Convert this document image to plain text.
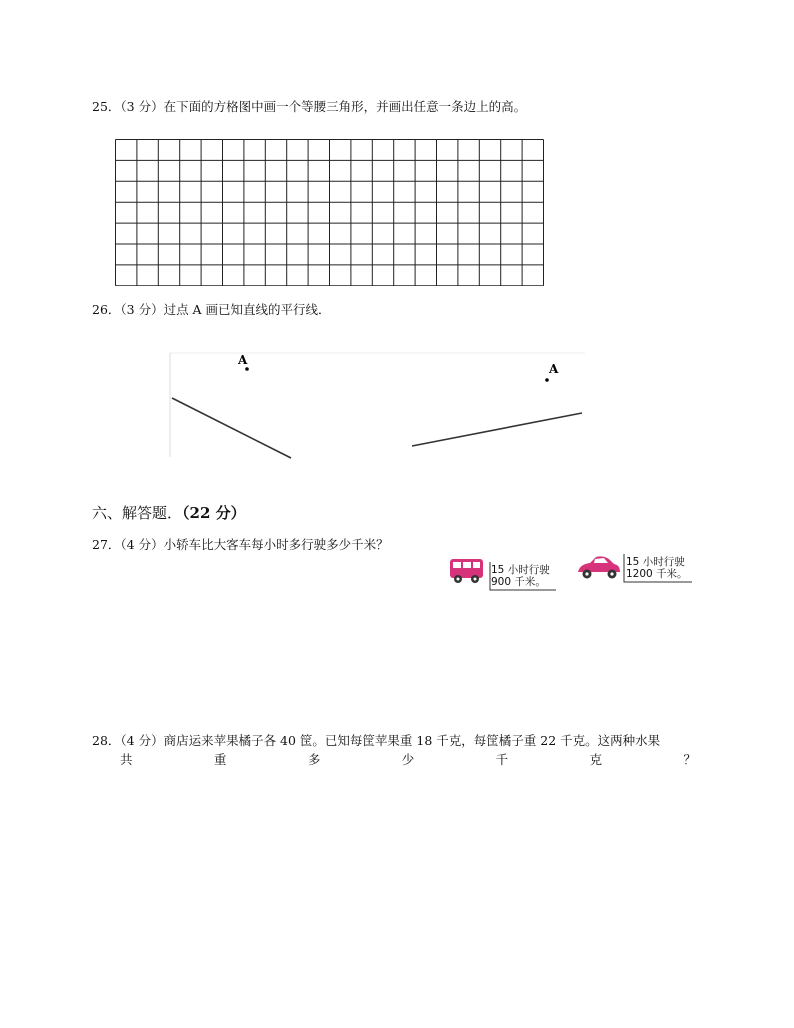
25．（3 分）在下面的方格图中画一个等腰三角形，并画出任意一条边上的高。
26．（3 分）过点 A 画已知直线的平行线．
A
A
六、解答题．（22 分）
27．（4 分）小轿车比大客车每小时多行驶多少千米？
15 小时行驶
900 千米。
15 小时行驶
1200 千米。
28．（4 分）商店运来苹果橘子各 40 筐。已知每筐苹果重 18 千克，每筐橘子重 22 千克。这两种水果
共	重	多	少	千	克	？
